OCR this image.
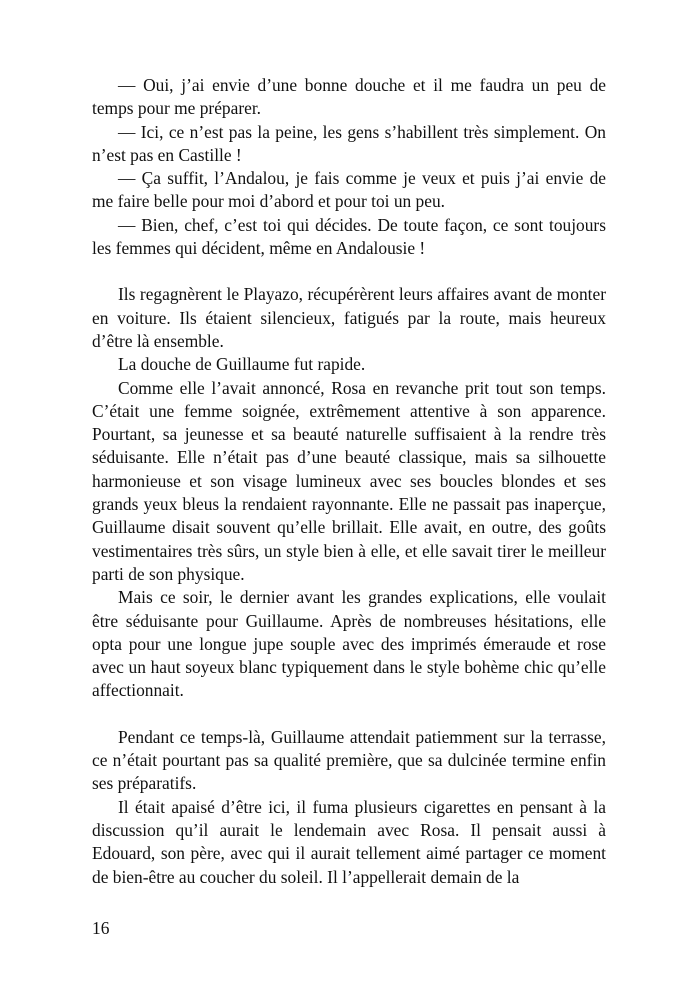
— Oui, j’ai envie d’une bonne douche et il me faudra un peu de temps pour me préparer.

— Ici, ce n’est pas la peine, les gens s’habillent très simplement. On n’est pas en Castille !

— Ça suffit, l’Andalou, je fais comme je veux et puis j’ai envie de me faire belle pour moi d’abord et pour toi un peu.

— Bien, chef, c’est toi qui décides. De toute façon, ce sont toujours les femmes qui décident, même en Andalousie !

Ils regagnèrent le Playazo, récupérèrent leurs affaires avant de monter en voiture. Ils étaient silencieux, fatigués par la route, mais heureux d’être là ensemble.

La douche de Guillaume fut rapide.

Comme elle l’avait annoncé, Rosa en revanche prit tout son temps. C’était une femme soignée, extrêmement attentive à son apparence. Pourtant, sa jeunesse et sa beauté naturelle suffisaient à la rendre très séduisante. Elle n’était pas d’une beauté classique, mais sa silhouette harmonieuse et son visage lumineux avec ses boucles blondes et ses grands yeux bleus la rendaient rayonnante. Elle ne passait pas inaperçue, Guillaume disait souvent qu’elle brillait. Elle avait, en outre, des goûts vestimentaires très sûrs, un style bien à elle, et elle savait tirer le meilleur parti de son physique.

Mais ce soir, le dernier avant les grandes explications, elle voulait être séduisante pour Guillaume. Après de nombreuses hésitations, elle opta pour une longue jupe souple avec des imprimés émeraude et rose avec un haut soyeux blanc typiquement dans le style bohème chic qu’elle affectionnait.

Pendant ce temps-là, Guillaume attendait patiemment sur la terrasse, ce n’était pourtant pas sa qualité première, que sa dulcinée termine enfin ses préparatifs.

Il était apaisé d’être ici, il fuma plusieurs cigarettes en pensant à la discussion qu’il aurait le lendemain avec Rosa. Il pensait aussi à Edouard, son père, avec qui il aurait tellement aimé partager ce moment de bien-être au coucher du soleil. Il l’appellerait demain de la

16
